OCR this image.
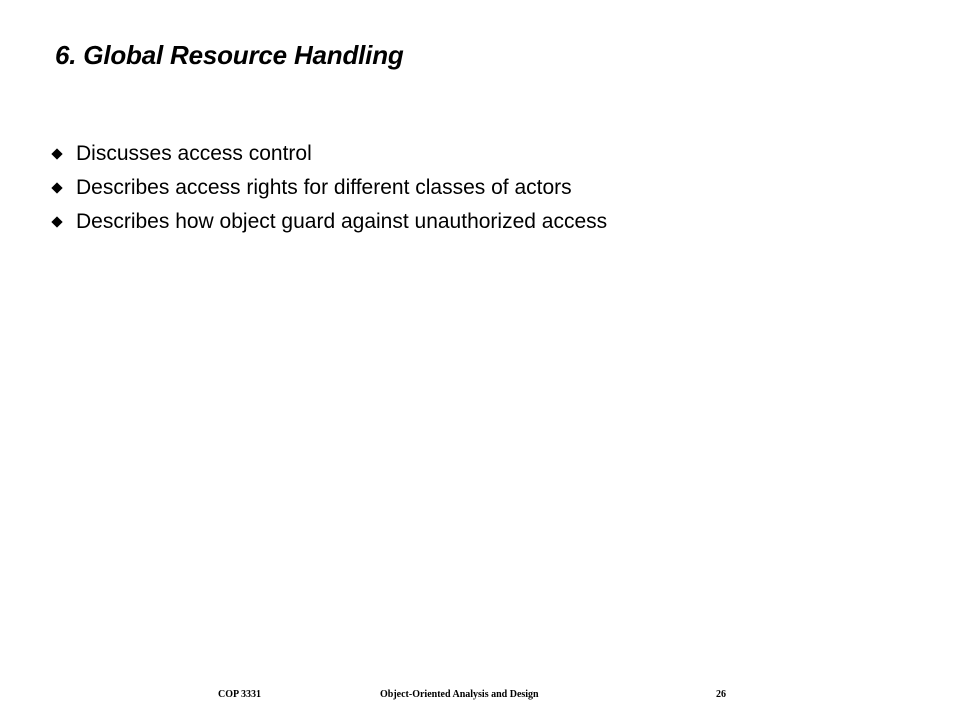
6. Global Resource Handling
Discusses access control
Describes access rights for different classes of actors
Describes how object guard against unauthorized access
COP 3331	Object-Oriented Analysis and Design	26
